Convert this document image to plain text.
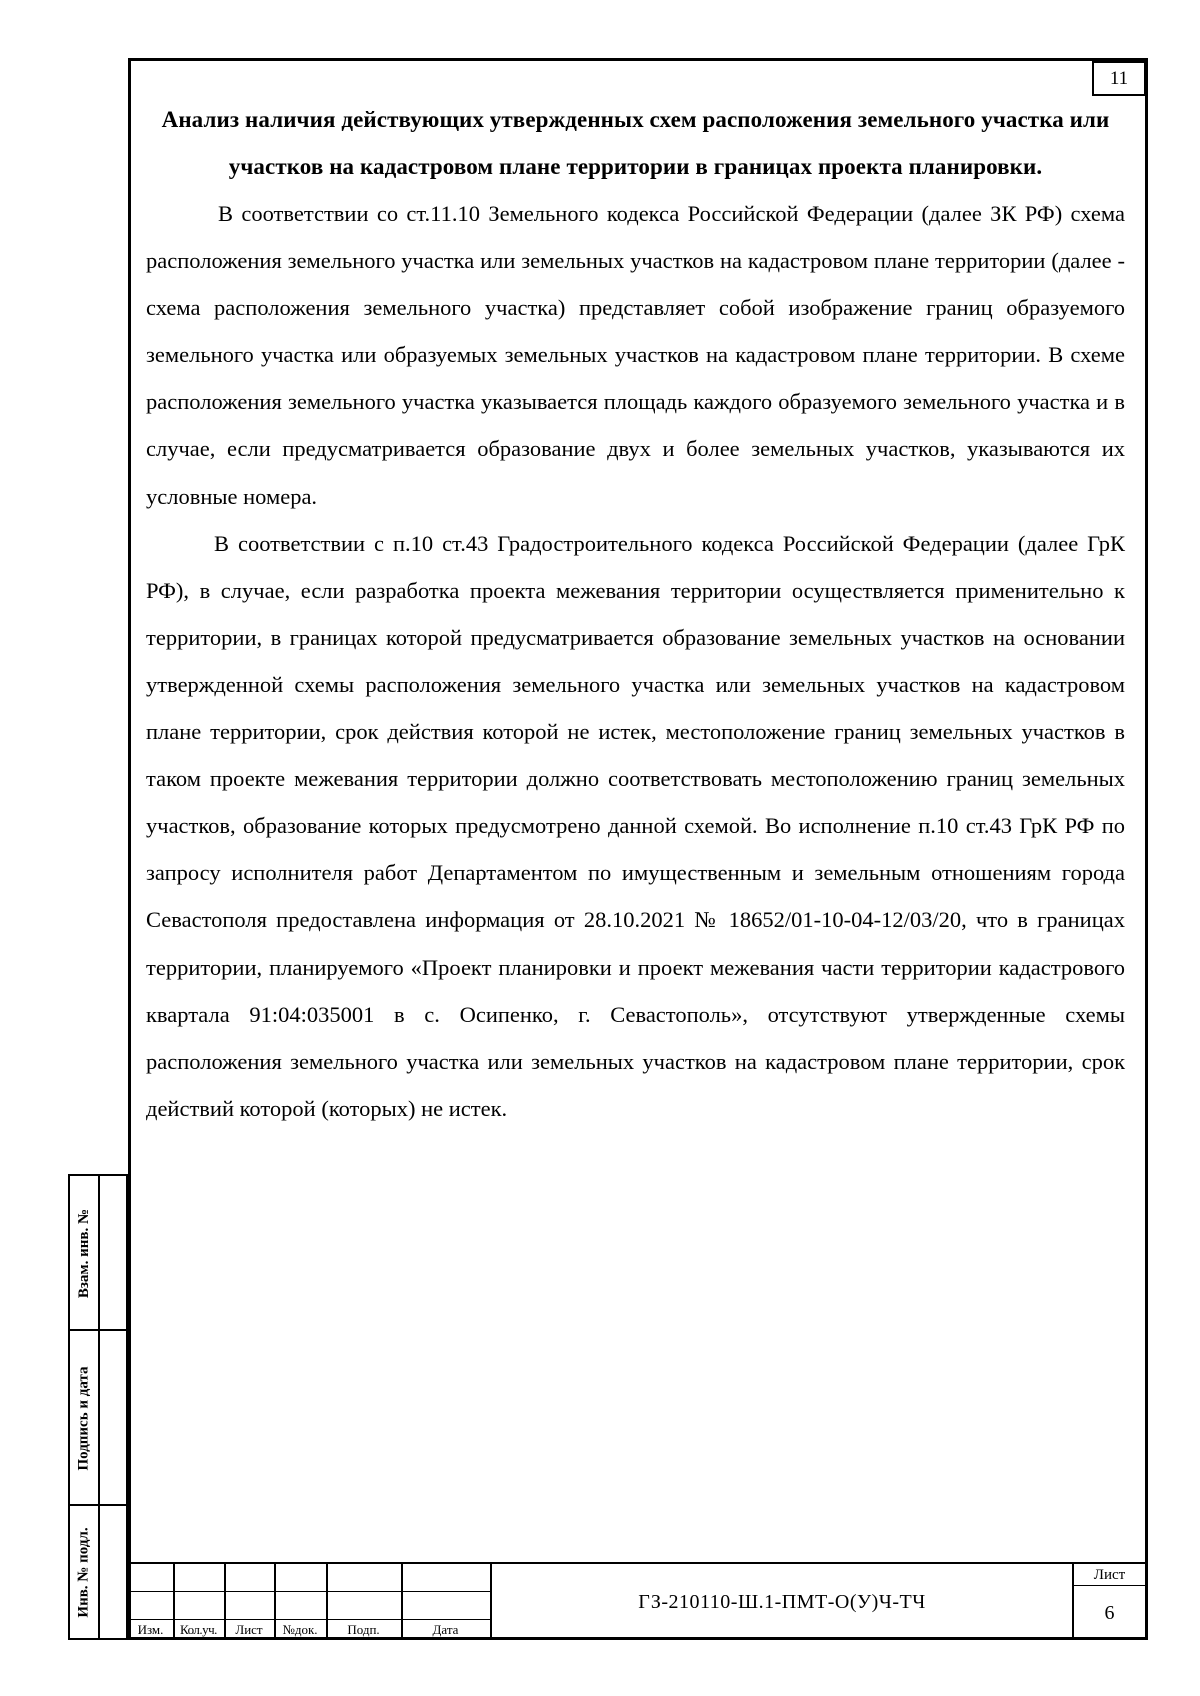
11
Анализ наличия действующих утвержденных схем расположения земельного участка или участков на кадастровом плане территории в границах проекта планировки.

В соответствии со ст.11.10 Земельного кодекса Российской Федерации (далее ЗК РФ) схема расположения земельного участка или земельных участков на кадастровом плане территории (далее - схема расположения земельного участка) представляет собой изображение границ образуемого земельного участка или образуемых земельных участков на кадастровом плане территории. В схеме расположения земельного участка указывается площадь каждого образуемого земельного участка и в случае, если предусматривается образование двух и более земельных участков, указываются их условные номера.

В соответствии с п.10 ст.43 Градостроительного кодекса Российской Федерации (далее ГрК РФ), в случае, если разработка проекта межевания территории осуществляется применительно к территории, в границах которой предусматривается образование земельных участков на основании утвержденной схемы расположения земельного участка или земельных участков на кадастровом плане территории, срок действия которой не истек, местоположение границ земельных участков в таком проекте межевания территории должно соответствовать местоположению границ земельных участков, образование которых предусмотрено данной схемой. Во исполнение п.10 ст.43 ГрК РФ по запросу исполнителя работ Департаментом по имущественным и земельным отношениям города Севастополя предоставлена информация от 28.10.2021 № 18652/01-10-04-12/03/20, что в границах территории, планируемого «Проект планировки и проект межевания части территории кадастрового квартала 91:04:035001 в с. Осипенко, г. Севастополь», отсутствуют утвержденные схемы расположения земельного участка или земельных участков на кадастровом плане территории, срок действий которой (которых) не истек.

Взам. инв. №
Подпись и дата
Инв. № подл.
Изм.	Кол.уч.	Лист	№док.	Подп.	Дата
ГЗ-210110-Ш.1-ПМТ-О(У)Ч-ТЧ
Лист
6
